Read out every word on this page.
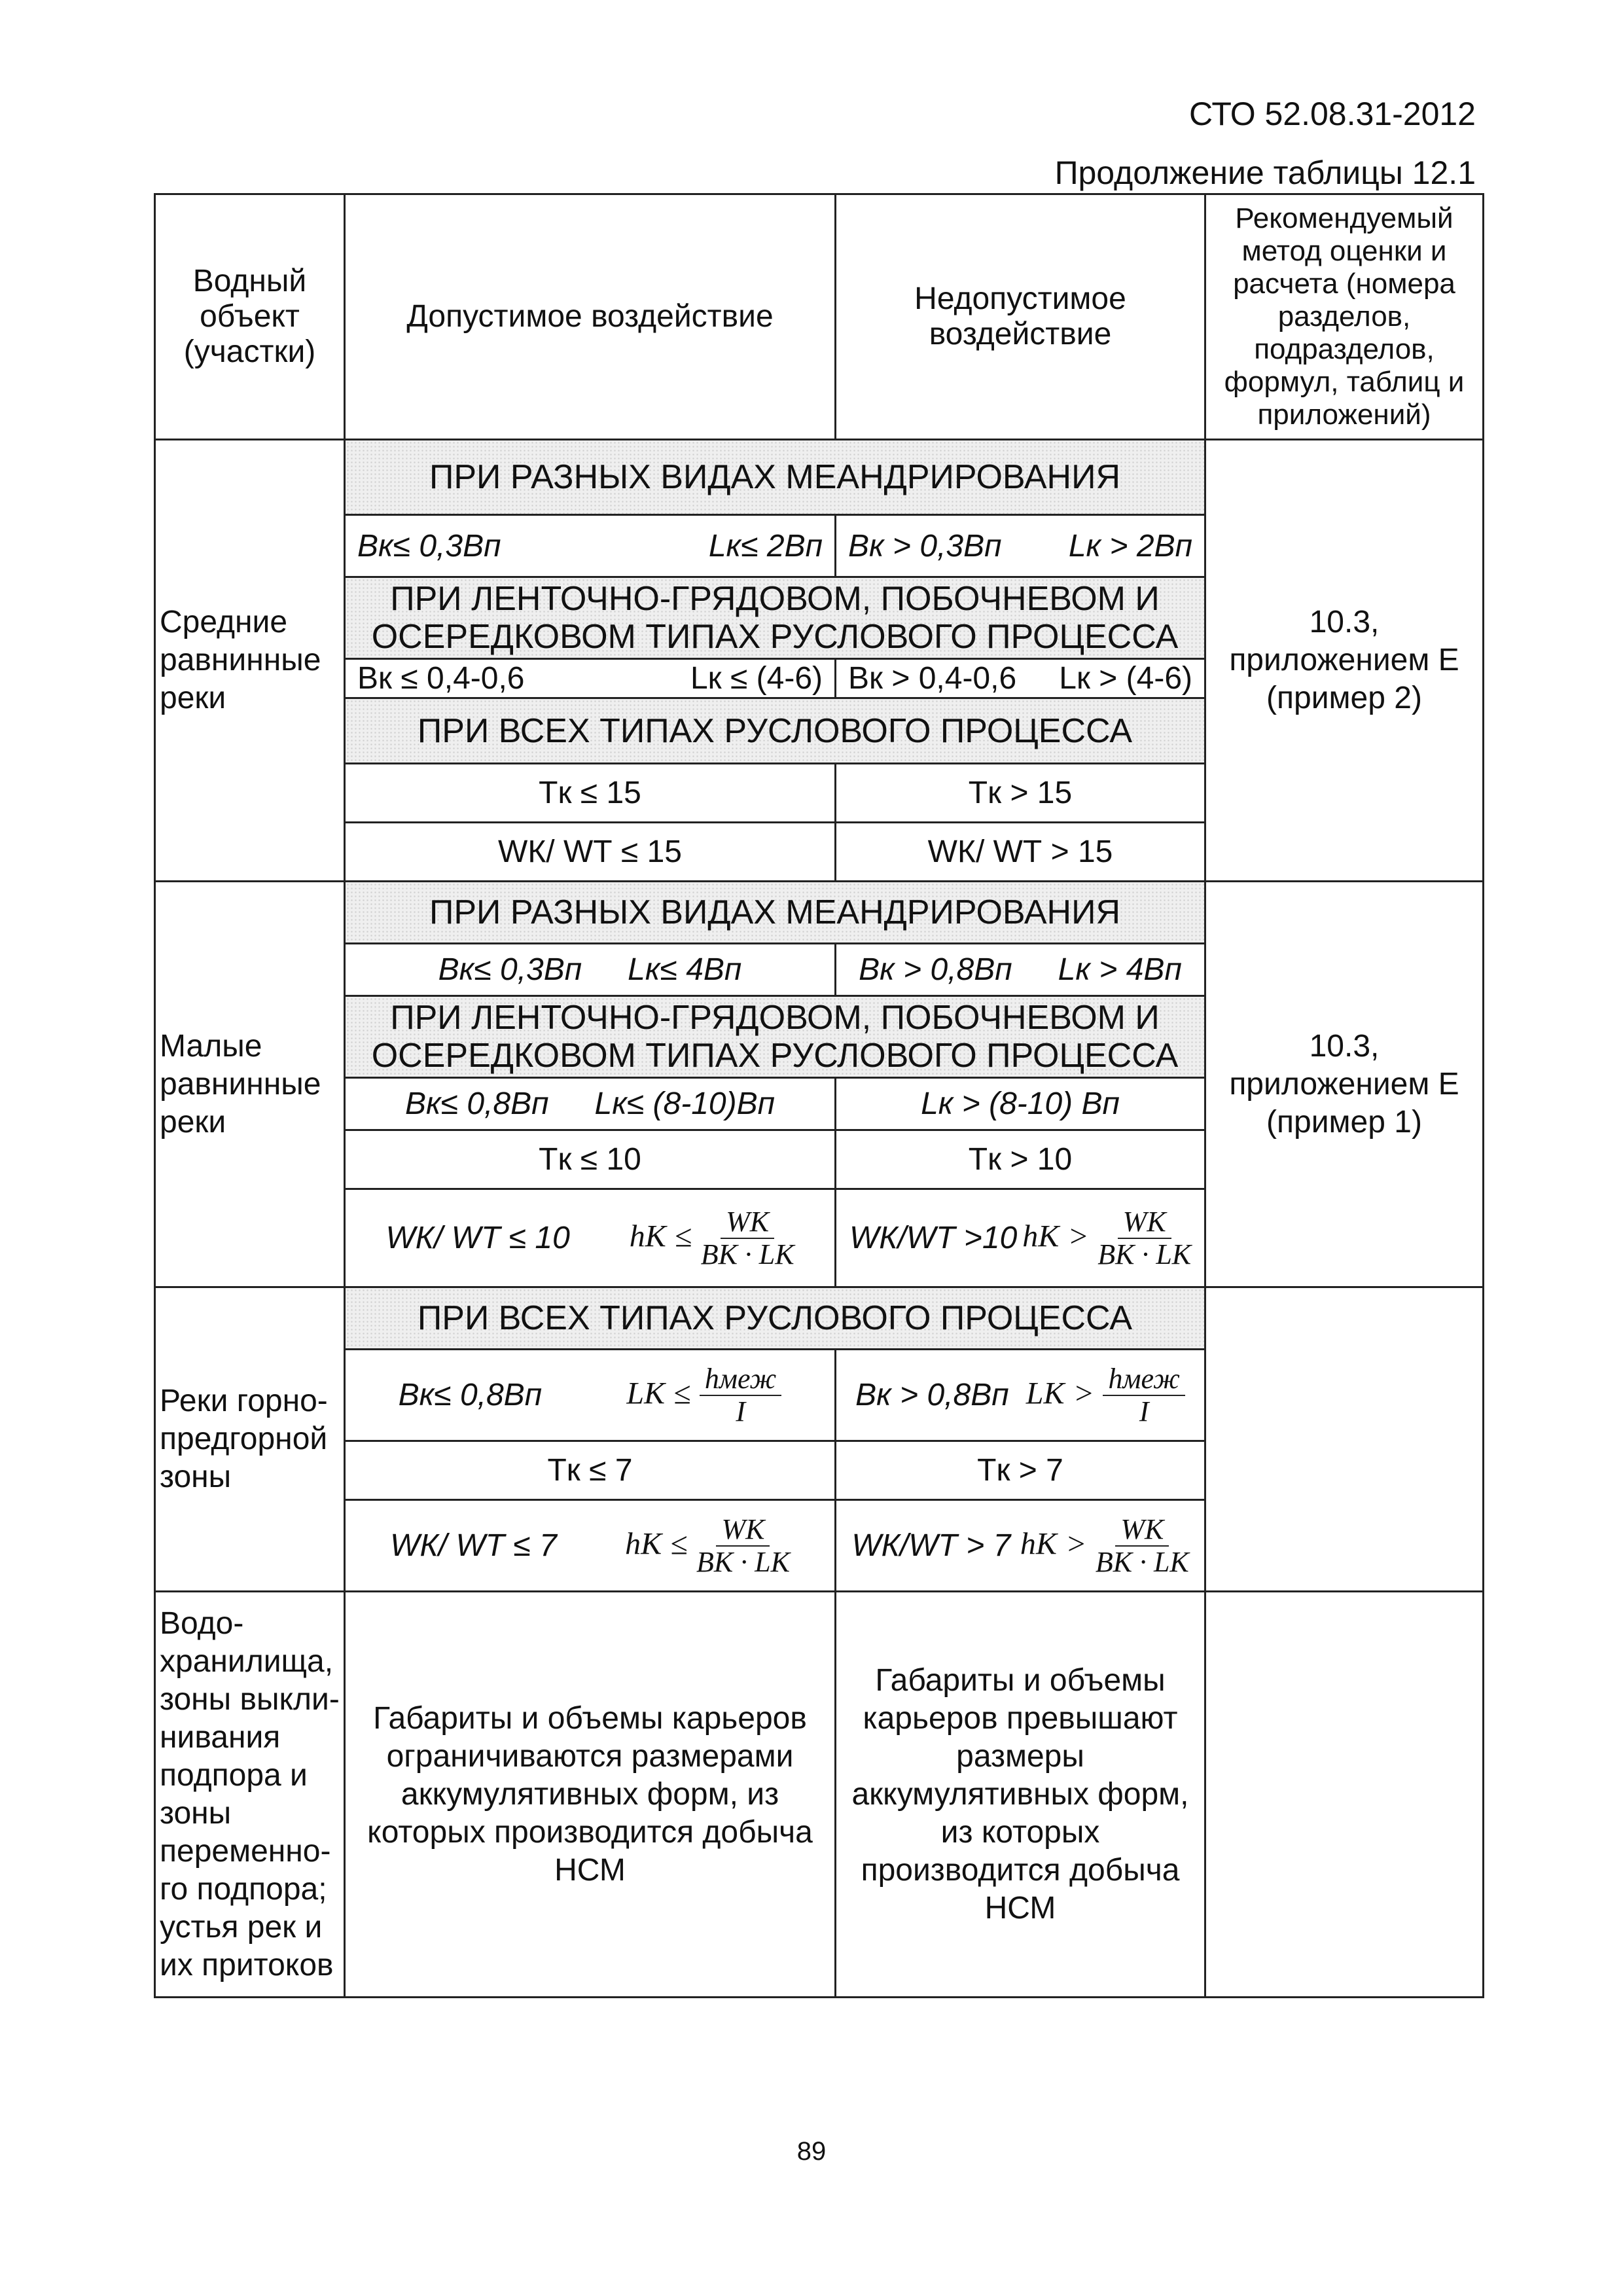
СТО 52.08.31-2012
Продолжение таблицы 12.1
Водный объект (участки)	Допустимое воздействие	Недопустимое воздействие	Рекомендуемый метод оценки и расчета (номера разделов, подразделов, формул, таблиц и приложений)
Средние равнинные реки	ПРИ РАЗНЫХ ВИДАХ МЕАНДРИРОВАНИЯ		10.3, приложением Е (пример 2)

	Bк≤ 0,3Bп Lк≤ 2Bп	Bк > 0,3Bп Lк > 2Bп	

	ПРИ ЛЕНТОЧНО-ГРЯДОВОМ, ПОБОЧНЕВОМ И ОСЕРЕДКОВОМ ТИПАХ РУСЛОВОГО ПРОЦЕССА		

	Bк ≤ 0,4-0,6 Lк ≤ (4-6)	Bк > 0,4-0,6 Lк > (4-6)	

	ПРИ ВСЕХ ТИПАХ РУСЛОВОГО ПРОЦЕССА		
	Tк ≤ 15	Tк > 15	
	WК/ WТ ≤ 15	WК/ WТ > 15	
Малые равнинные реки	ПРИ РАЗНЫХ ВИДАХ МЕАНДРИРОВАНИЯ		10.3, приложением Е (пример 1)

	Bк≤ 0,3Bп Lк≤ 4Bп	Bк > 0,8Bп Lк > 4Bп	

	ПРИ ЛЕНТОЧНО-ГРЯДОВОМ, ПОБОЧНЕВОМ И ОСЕРЕДКОВОМ ТИПАХ РУСЛОВОГО ПРОЦЕССА		

	Bк≤ 0,8Bп Lк≤ (8-10)Bп	Lк > (8-10) Bп	
	Tк ≤ 10	Tк > 10	

	WК/ WТ ≤ 10 hК ≤ $\frac{WК}{BК \cdot LК}$	WК/WТ >10 hК > $\frac{WК}{BК \cdot LК}$

Реки горно-предгорной зоны	ПРИ ВСЕХ ТИПАХ РУСЛОВОГО ПРОЦЕССА		

	Bк≤ 0,8Bп LК ≤ $\frac{\text{hмеж}}{I}$	Bк > 0,8Bп LК > $\frac{\text{hмеж}}{I}$

	Tк ≤ 7	Tк > 7	

	WК/ WТ ≤ 7 hК ≤ $\frac{WК}{BК \cdot LК}$	WК/WТ > 7 hК > $\frac{WК}{BК \cdot LК}$

Водо-хранилища, зоны выкли-нивания подпора и зоны переменно-го подпора; устья рек и их притоков	Габариты и объемы карьеров ограничиваются размерами аккумулятивных форм, из которых производится добыча НСМ	Габариты и объемы карьеров превышают размеры аккумулятивных форм, из которых производится добыча НСМ	
89
